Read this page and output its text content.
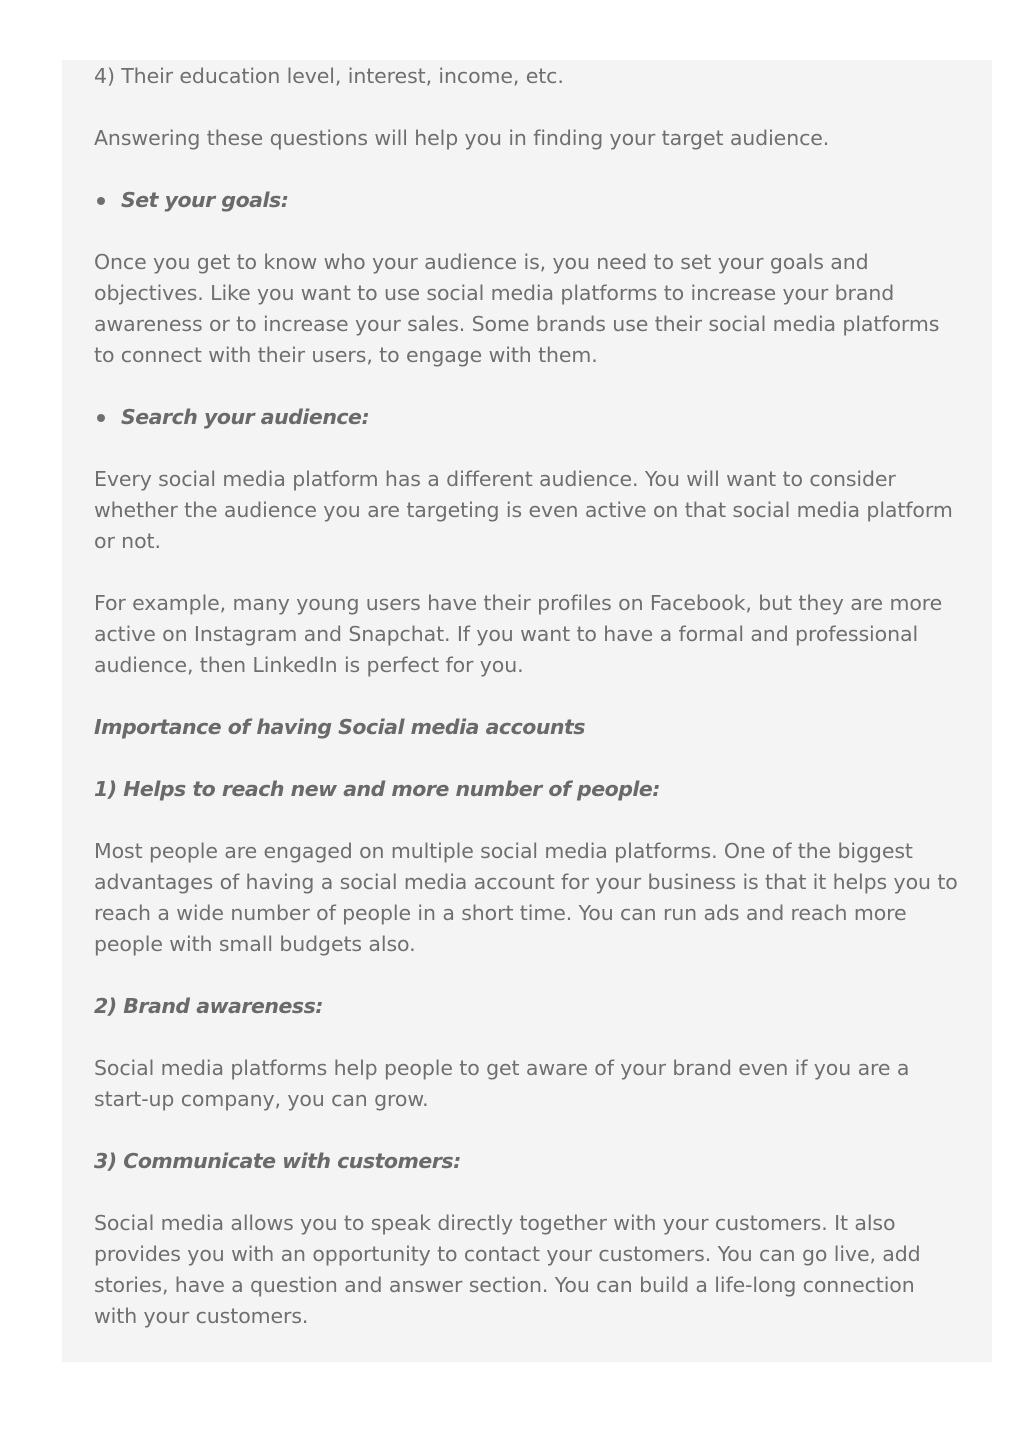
4) Their education level, interest, income, etc.

Answering these questions will help you in finding your target audience.

Set your goals:

Once you get to know who your audience is, you need to set your goals and objectives. Like you want to use social media platforms to increase your brand awareness or to increase your sales. Some brands use their social media platforms to connect with their users, to engage with them.

Search your audience:

Every social media platform has a different audience. You will want to consider whether the audience you are targeting is even active on that social media platform or not.

For example, many young users have their profiles on Facebook, but they are more active on Instagram and Snapchat. If you want to have a formal and professional audience, then LinkedIn is perfect for you.

Importance of having Social media accounts

1) Helps to reach new and more number of people:

Most people are engaged on multiple social media platforms. One of the biggest advantages of having a social media account for your business is that it helps you to reach a wide number of people in a short time. You can run ads and reach more people with small budgets also.

2) Brand awareness:

Social media platforms help people to get aware of your brand even if you are a start-up company, you can grow.

3) Communicate with customers:

Social media allows you to speak directly together with your customers. It also provides you with an opportunity to contact your customers. You can go live, add stories, have a question and answer section. You can build a life-long connection with your customers.
